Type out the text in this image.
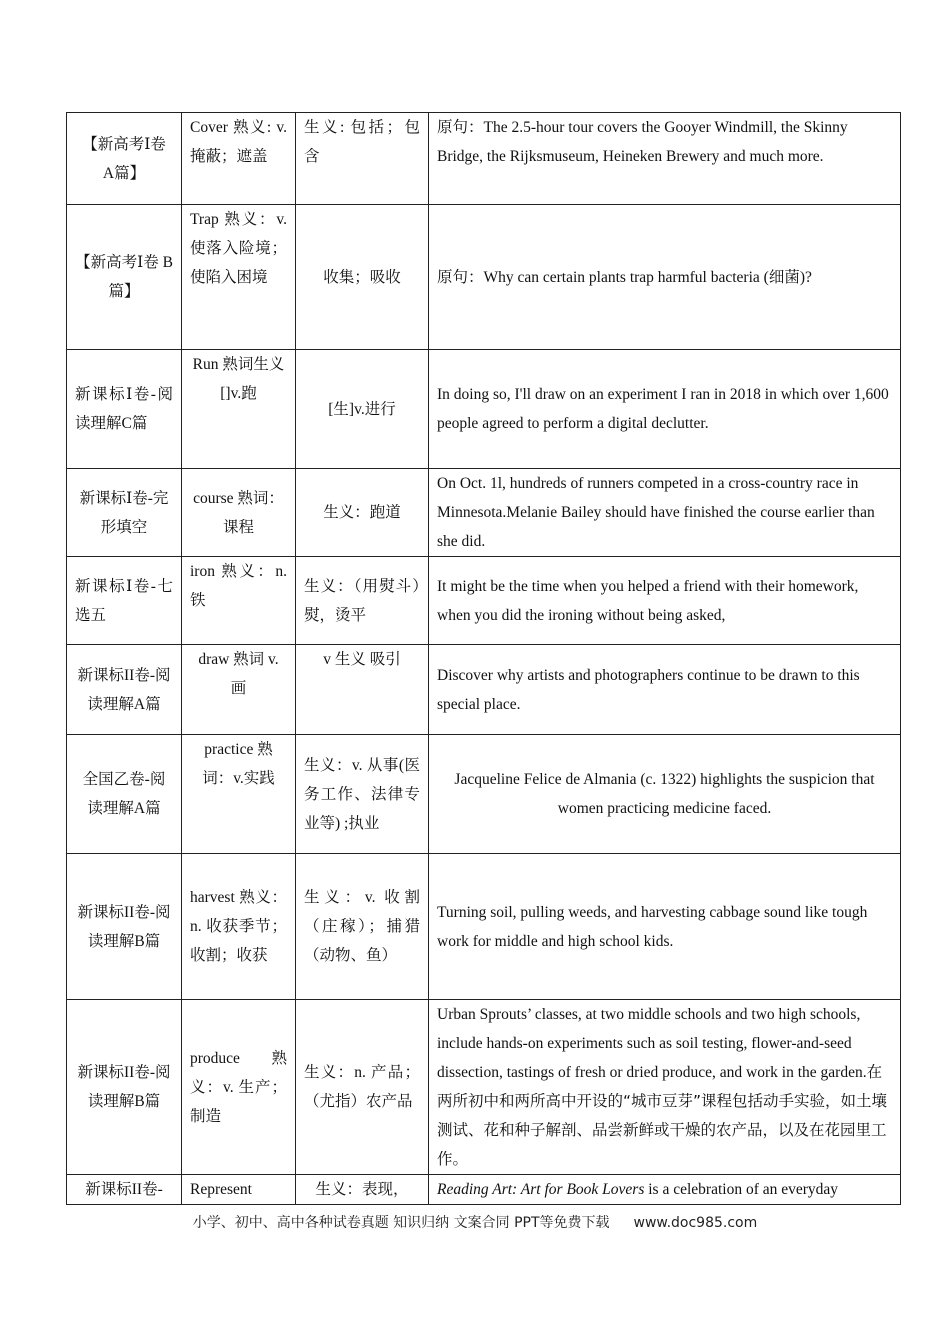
【新高考Ⅰ卷 A篇】	Cover 熟义: v. 掩蔽；遮盖	生义: 包括；包含	原句：The 2.5-hour tour covers the Gooyer Windmill, the Skinny Bridge, the Rijksmuseum, Heineken Brewery and much more.
【新高考Ⅰ卷 B篇】	Trap 熟义：v. 使落入险境；使陷入困境	收集；吸收	原句：Why can certain plants trap harmful bacteria (细菌)?
新课标Ⅰ卷-阅读理解C篇	Run 熟词生义 []v.跑	[生]v.进行	In doing so, I'll draw on an experiment I ran in 2018 in which over 1,600 people agreed to perform a digital declutter.
新课标Ⅰ卷-完形填空	course 熟词：课程	生义：跑道	On Oct. 1l, hundreds of runners competed in a cross-country race in Minnesota.Melanie Bailey should have finished the course earlier than she did.
新课标Ⅰ卷-七选五	iron 熟义：n. 铁	生义：（用熨斗）熨，烫平	It might be the time when you helped a friend with their homework, when you did the ironing without being asked,
新课标II卷-阅读理解A篇	draw 熟词 v. 画	v 生义 吸引	Discover why artists and photographers continue to be drawn to this special place.
全国乙卷-阅读理解A篇	practice 熟词：v.实践	生义：v. 从事(医务工作、法律专业等) ;执业	Jacqueline Felice de Almania (c. 1322) highlights the suspicion that women practicing medicine faced.
新课标II卷-阅读理解B篇	harvest 熟义：n. 收获季节；收割；收获	生义：v. 收割（庄稼）；捕猎（动物、鱼）	Turning soil, pulling weeds, and harvesting cabbage sound like tough work for middle and high school kids.
新课标II卷-阅读理解B篇	produce 熟义：v. 生产；制造	生义：n. 产品；（尤指）农产品	Urban Sprouts’ classes, at two middle schools and two high schools, include hands-on experiments such as soil testing, flower-and-seed dissection, tastings of fresh or dried produce, and work in the garden.在两所初中和两所高中开设的“城市豆芽”课程包括动手实验，如土壤测试、花和种子解剖、品尝新鲜或干燥的农产品，以及在花园里工作。
新课标II卷-	Represent	生义：表现，	Reading Art: Art for Book Lovers is a celebration of an everyday
小学、初中、高中各种试卷真题 知识归纳 文案合同 PPT等免费下载 www.doc985.com
